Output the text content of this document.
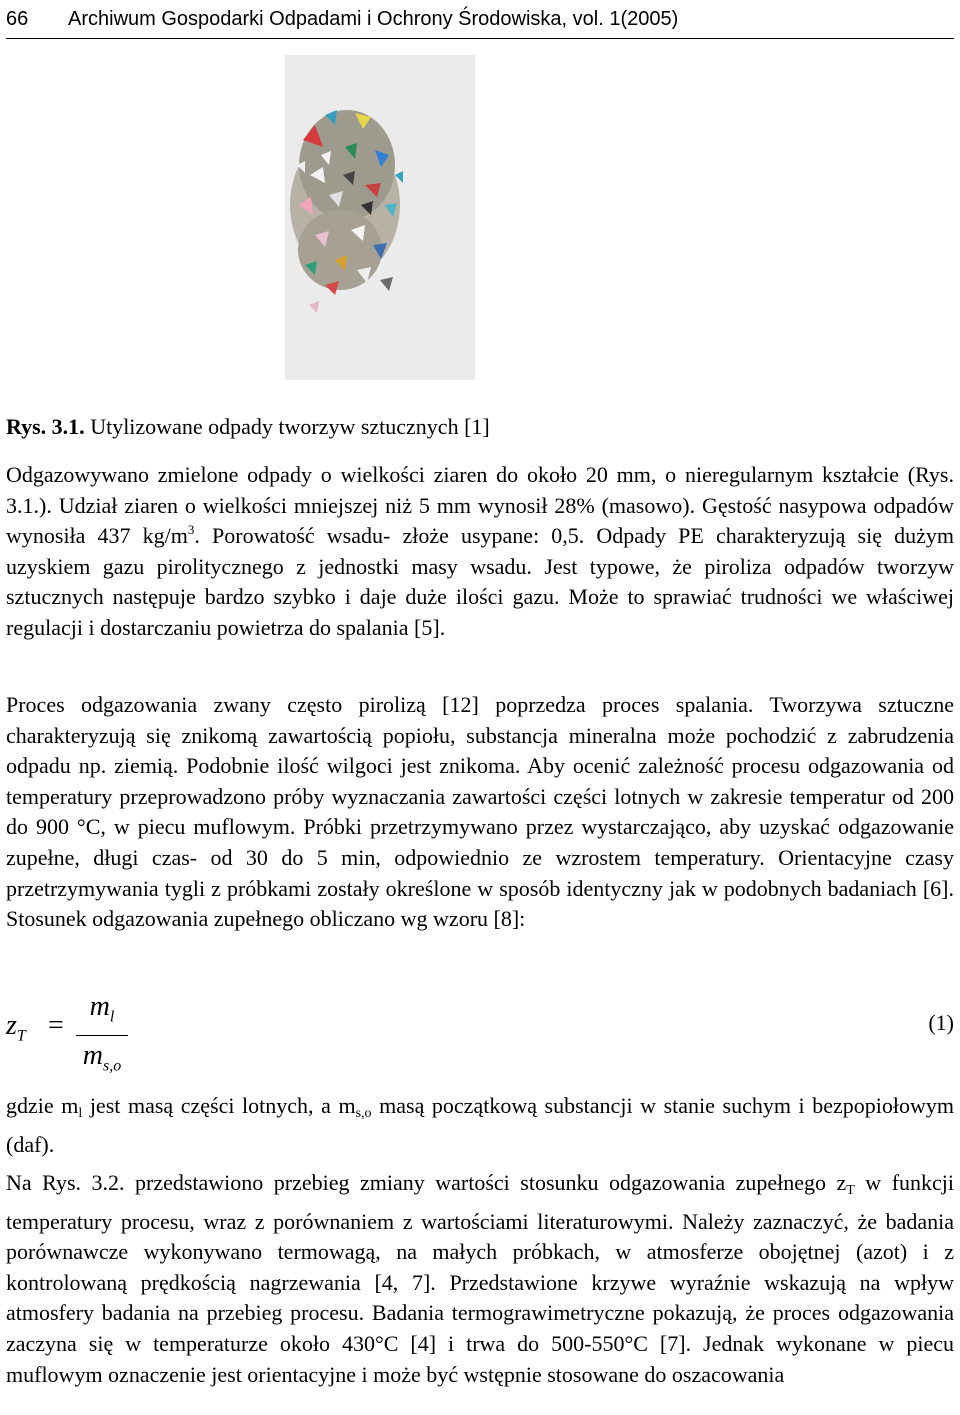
66 Archiwum Gospodarki Odpadami i Ochrony Środowiska, vol. 1(2005)
Rys. 3.1. Utylizowane odpady tworzyw sztucznych [1]
Odgazowywano zmielone odpady o wielkości ziaren do około 20 mm, o nieregularnym kształcie (Rys. 3.1.). Udział ziaren o wielkości mniejszej niż 5 mm wynosił 28% (masowo). Gęstość nasypowa odpadów wynosiła 437 $kg/m^3$. Porowatość wsadu- złoże usypane: 0,5. Odpady PE charakteryzują się dużym uzyskiem gazu pirolitycznego z jednostki masy wsadu. Jest typowe, że piroliza odpadów tworzyw sztucznych następuje bardzo szybko i daje duże ilości gazu. Może to sprawiać trudności we właściwej regulacji i dostarczaniu powietrza do spalania [5].
Proces odgazowania zwany często pirolizą [12] poprzedza proces spalania. Tworzywa sztuczne charakteryzują się znikomą zawartością popiołu, substancja mineralna może pochodzić z zabrudzenia odpadu np. ziemią. Podobnie ilość wilgoci jest znikoma. Aby ocenić zależność procesu odgazowania od temperatury przeprowadzono próby wyznaczania zawartości części lotnych w zakresie temperatur od 200 do 900 °C, w piecu muflowym. Próbki przetrzymywano przez wystarczająco, aby uzyskać odgazowanie zupełne, długi czas- od 30 do 5 min, odpowiednio ze wzrostem temperatury. Orientacyjne czasy przetrzymywania tygli z próbkami zostały określone w sposób identyczny jak w podobnych badaniach [6]. Stosunek odgazowania zupełnego obliczano wg wzoru [8]:
$z_T$ =
$m_l$
$m_{s,o}$
(1)
gdzie $m_l$ jest masą części lotnych, a $m_{s,o}$ masą początkową substancji w stanie suchym i bezpopiołowym (daf).
Na Rys. 3.2. przedstawiono przebieg zmiany wartości stosunku odgazowania zupełnego $z_T$ w funkcji temperatury procesu, wraz z porównaniem z wartościami literaturowymi. Należy zaznaczyć, że badania porównawcze wykonywano termowagą, na małych próbkach, w atmosferze obojętnej (azot) i z kontrolowaną prędkością nagrzewania [4, 7]. Przedstawione krzywe wyraźnie wskazują na wpływ atmosfery badania na przebieg procesu. Badania termograwimetryczne pokazują, że proces odgazowania zaczyna się w temperaturze około 430°C [4] i trwa do 500-550°C [7]. Jednak wykonane w piecu muflowym oznaczenie jest orientacyjne i może być wstępnie stosowane do oszacowania
